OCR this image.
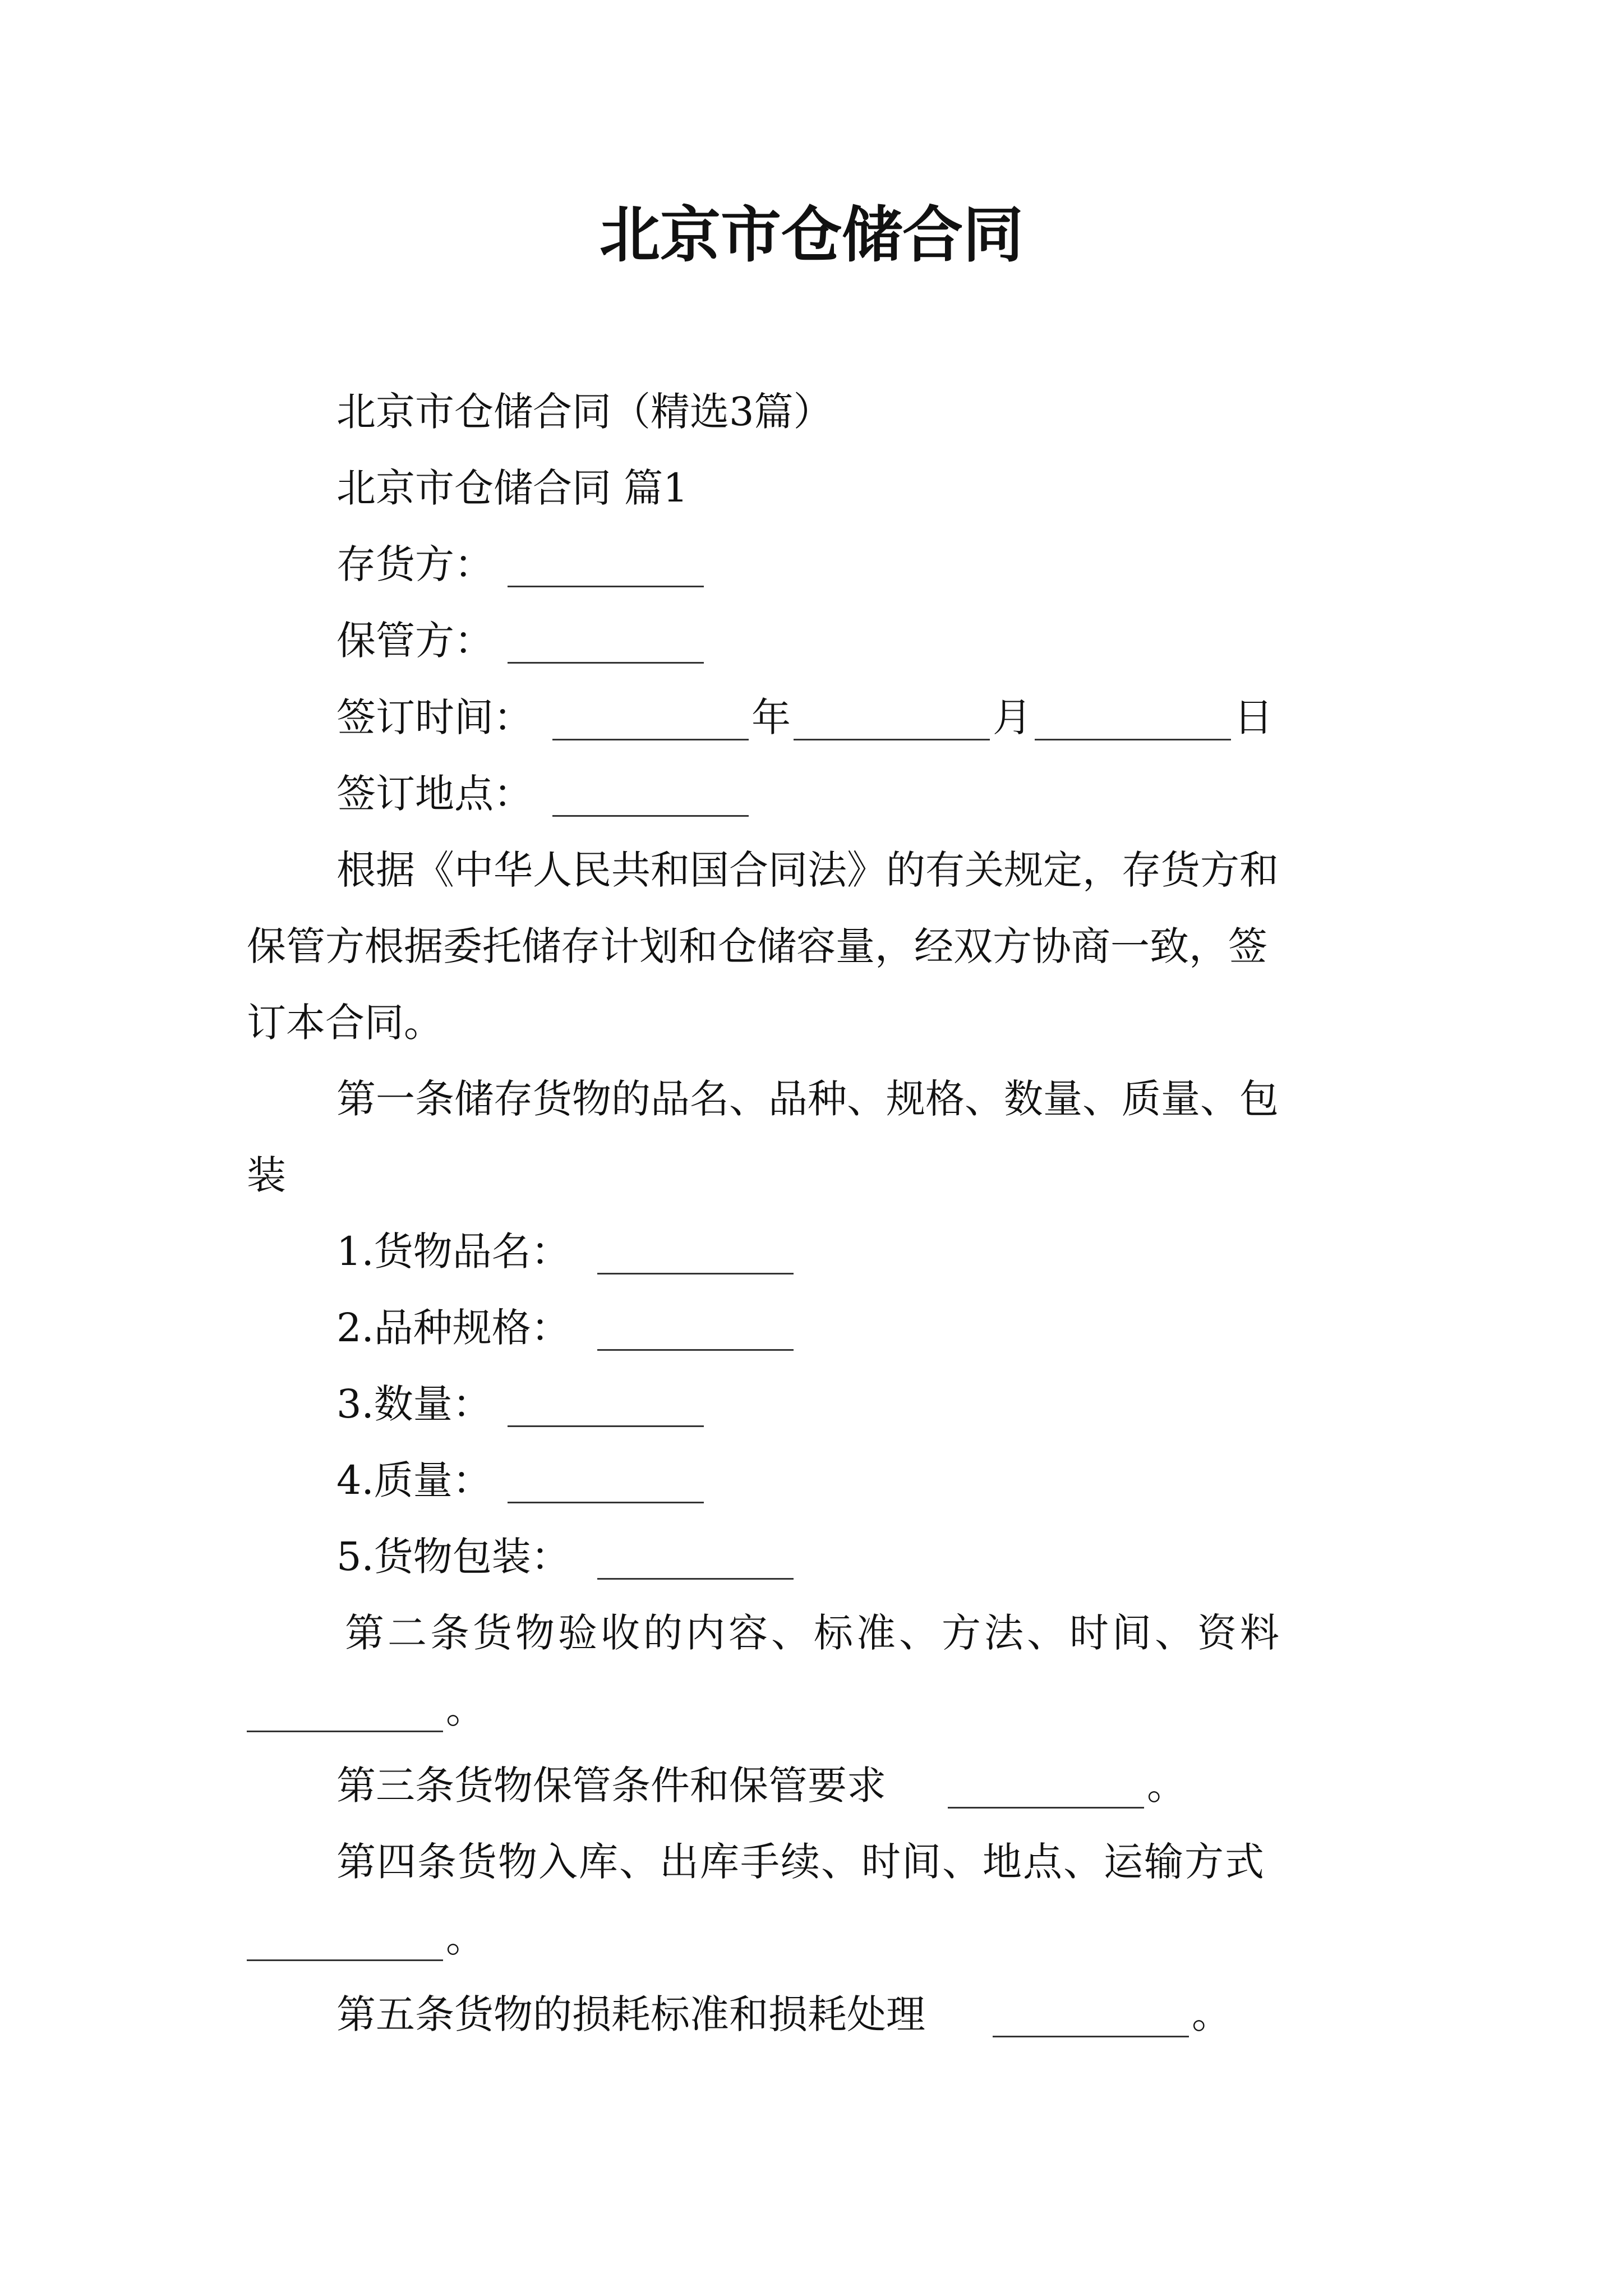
北京市仓储合同
北京市仓储合同（精选3篇）
北京市仓储合同 篇1
存货方：
保管方：
签订时间：	年	月	日
签订地点：
根据《中华人民共和国合同法》的有关规定，存货方和
保管方根据委托储存计划和仓储容量，经双方协商一致，签
订本合同。
第一条储存货物的品名、品种、规格、数量、质量、包
装
1.货物品名：
2.品种规格：
3.数量：
4.质量：
5.货物包装：
第二条货物验收的内容、标准、方法、时间、资料
。
第三条货物保管条件和保管要求	。
第四条货物入库、出库手续、时间、地点、运输方式
。
第五条货物的损耗标准和损耗处理	。
